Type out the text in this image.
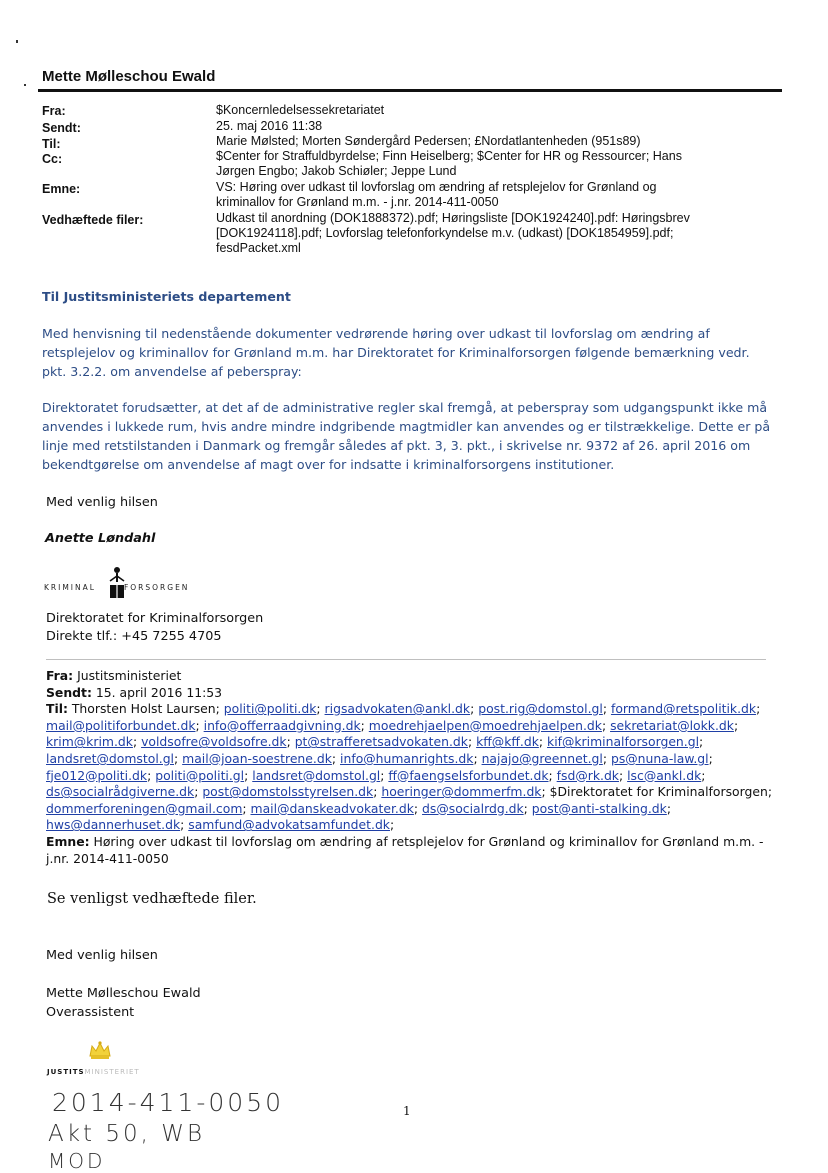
Mette Mølleschou Ewald
Fra:	$Koncernledelsessekretariatet
Sendt:	25. maj 2016 11:38
Til:	Marie Mølsted; Morten Søndergård Pedersen; £Nordatlantenheden (951s89)
Cc:	$Center for Straffuldbyrdelse; Finn Heiselberg; $Center for HR og Ressourcer; Hans
Jørgen Engbo; Jakob Schiøler; Jeppe Lund
Emne:	VS: Høring over udkast til lovforslag om ændring af retsplejelov for Grønland og
kriminallov for Grønland m.m. - j.nr. 2014-411-0050
Vedhæftede filer:	Udkast til anordning (DOK1888372).pdf; Høringsliste [DOK1924240].pdf: Høringsbrev
[DOK1924118].pdf; Lovforslag telefonforkyndelse m.v. (udkast) [DOK1854959].pdf;
fesdPacket.xml
Til Justitsministeriets departement
Med henvisning til nedenstående dokumenter vedrørende høring over udkast til lovforslag om ændring af
retsplejelov og kriminallov for Grønland m.m. har Direktoratet for Kriminalforsorgen følgende bemærkning vedr.
pkt. 3.2.2. om anvendelse af peberspray:
Direktoratet forudsætter, at det af de administrative regler skal fremgå, at peberspray som udgangspunkt ikke må
anvendes i lukkede rum, hvis andre mindre indgribende magtmidler kan anvendes og er tilstrækkelige. Dette er på
linje med retstilstanden i Danmark og fremgår således af pkt. 3, 3. pkt., i skrivelse nr. 9372 af 26. april 2016 om
bekendtgørelse om anvendelse af magt over for indsatte i kriminalforsorgens institutioner.
Med venlig hilsen
Anette Løndahl
KRIMINAL	FORSORGEN
Direktoratet for Kriminalforsorgen
Direkte tlf.: +45 7255 4705
Fra: Justitsministeriet
Sendt: 15. april 2016 11:53
Til: Thorsten Holst Laursen; politi@politi.dk; rigsadvokaten@ankl.dk; post.rig@domstol.gl; formand@retspolitik.dk;
mail@politiforbundet.dk; info@offerraadgivning.dk; moedrehjaelpen@moedrehjaelpen.dk; sekretariat@lokk.dk;
krim@krim.dk; voldsofre@voldsofre.dk; pt@strafferetsadvokaten.dk; kff@kff.dk; kif@kriminalforsorgen.gl;
landsret@domstol.gl; mail@joan-soestrene.dk; info@humanrights.dk; najajo@greennet.gl; ps@nuna-law.gl;
fje012@politi.dk; politi@politi.gl; landsret@domstol.gl; ff@faengselsforbundet.dk; fsd@rk.dk; lsc@ankl.dk;
ds@socialrådgiverne.dk; post@domstolsstyrelsen.dk; hoeringer@dommerfm.dk; $Direktoratet for Kriminalforsorgen;
dommerforeningen@gmail.com; mail@danskeadvokater.dk; ds@socialrdg.dk; post@anti-stalking.dk;
hws@dannerhuset.dk; samfund@advokatsamfundet.dk;
Emne: Høring over udkast til lovforslag om ændring af retsplejelov for Grønland og kriminallov for Grønland m.m. -
j.nr. 2014-411-0050
Se venligst vedhæftede filer.
Med venlig hilsen
Mette Mølleschou Ewald
Overassistent
JUSTITSMINISTERIET
1
2014-411-0050
Akt 50, WB
MOD
